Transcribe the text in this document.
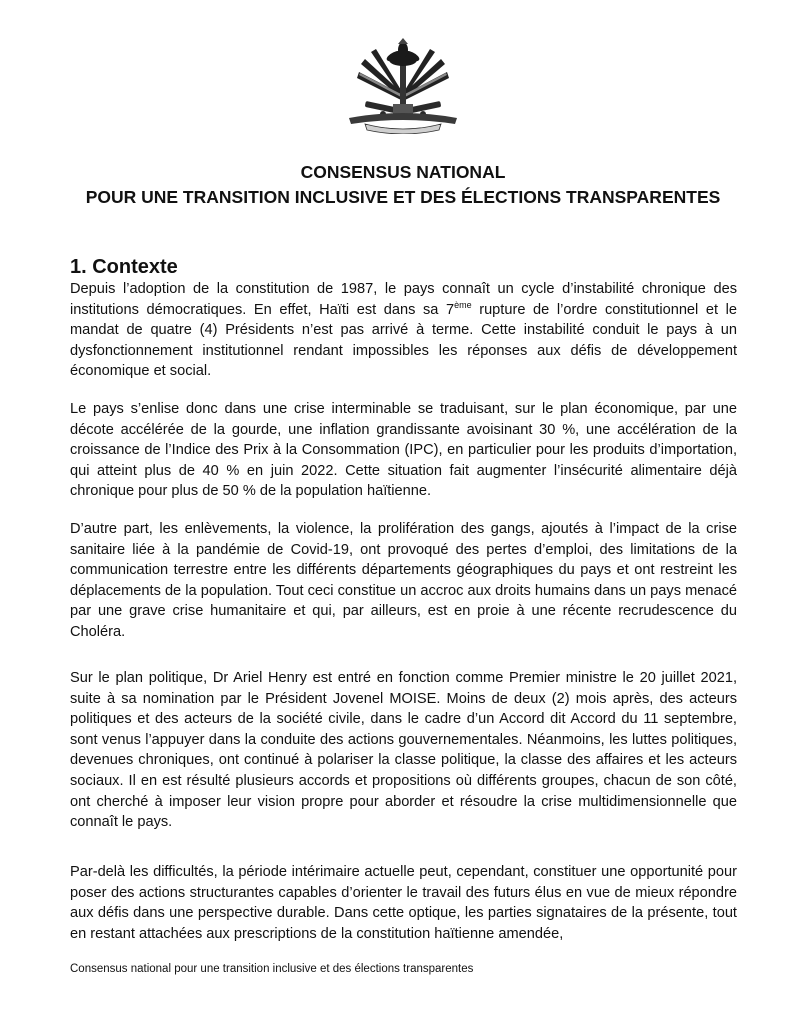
CONSENSUS NATIONAL
POUR UNE TRANSITION INCLUSIVE ET DES ÉLECTIONS TRANSPARENTES
1. Contexte

Depuis l’adoption de la constitution de 1987, le pays connaît un cycle d’instabilité chronique des institutions démocratiques. En effet, Haïti est dans sa 7ème rupture de l’ordre constitutionnel et le mandat de quatre (4) Présidents n’est pas arrivé à terme. Cette instabilité conduit le pays à un dysfonctionnement institutionnel rendant impossibles les réponses aux défis de développement économique et social.

Le pays s’enlise donc dans une crise interminable se traduisant, sur le plan économique, par une décote accélérée de la gourde, une inflation grandissante avoisinant 30 %, une accélération de la croissance de l’Indice des Prix à la Consommation (IPC), en particulier pour les produits d’importation, qui atteint plus de 40 % en juin 2022. Cette situation fait augmenter l’insécurité alimentaire déjà chronique pour plus de 50 % de la population haïtienne.

D’autre part, les enlèvements, la violence, la prolifération des gangs, ajoutés à l’impact de la crise sanitaire liée à la pandémie de Covid-19, ont provoqué des pertes d’emploi, des limitations de la communication terrestre entre les différents départements géographiques du pays et ont restreint les déplacements de la population. Tout ceci constitue un accroc aux droits humains dans un pays menacé par une grave crise humanitaire et qui, par ailleurs, est en proie à une récente recrudescence du Choléra.

Sur le plan politique, Dr Ariel Henry est entré en fonction comme Premier ministre le 20 juillet 2021, suite à sa nomination par le Président Jovenel MOISE. Moins de deux (2) mois après, des acteurs politiques et des acteurs de la société civile, dans le cadre d’un Accord dit Accord du 11 septembre, sont venus l’appuyer dans la conduite des actions gouvernementales. Néanmoins, les luttes politiques, devenues chroniques, ont continué à polariser la classe politique, la classe des affaires et les acteurs sociaux. Il en est résulté plusieurs accords et propositions où différents groupes, chacun de son côté, ont cherché à imposer leur vision propre pour aborder et résoudre la crise multidimensionnelle que connaît le pays.

Par-delà les difficultés, la période intérimaire actuelle peut, cependant, constituer une opportunité pour poser des actions structurantes capables d’orienter le travail des futurs élus en vue de mieux répondre aux défis dans une perspective durable. Dans cette optique, les parties signataires de la présente, tout en restant attachées aux prescriptions de la constitution haïtienne amendée,

Consensus national pour une transition inclusive et des élections transparentes
